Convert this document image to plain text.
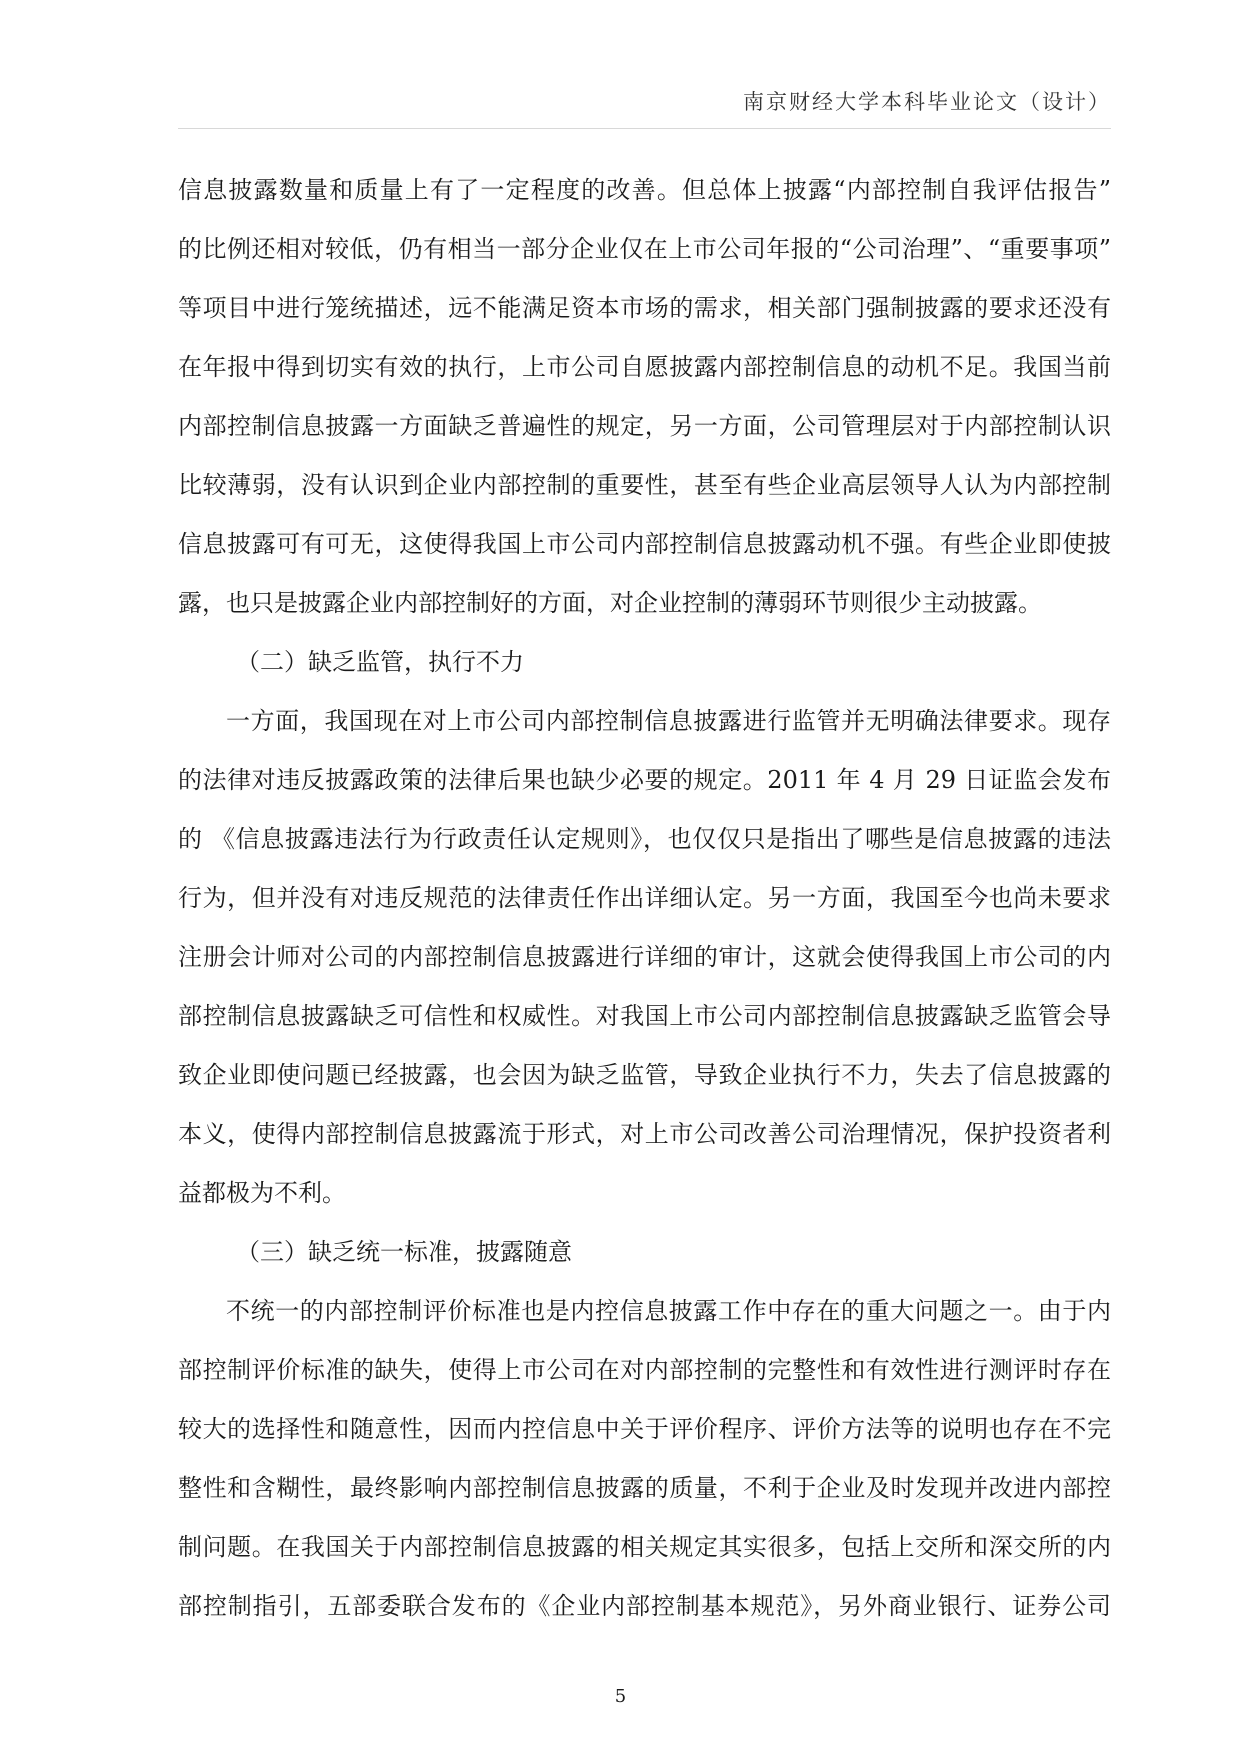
南京财经大学本科毕业论文（设计）
信息披露数量和质量上有了一定程度的改善。但总体上披露“内部控制自我评估报告”
的比例还相对较低，仍有相当一部分企业仅在上市公司年报的“公司治理”、“重要事项”
等项目中进行笼统描述，远不能满足资本市场的需求，相关部门强制披露的要求还没有
在年报中得到切实有效的执行，上市公司自愿披露内部控制信息的动机不足。我国当前
内部控制信息披露一方面缺乏普遍性的规定，另一方面，公司管理层对于内部控制认识
比较薄弱，没有认识到企业内部控制的重要性，甚至有些企业高层领导人认为内部控制
信息披露可有可无，这使得我国上市公司内部控制信息披露动机不强。有些企业即使披
露，也只是披露企业内部控制好的方面，对企业控制的薄弱环节则很少主动披露。
（二）缺乏监管，执行不力
一方面，我国现在对上市公司内部控制信息披露进行监管并无明确法律要求。现存
的法律对违反披露政策的法律后果也缺少必要的规定。2011 年 4 月 29 日证监会发布
的 《信息披露违法行为行政责任认定规则》，也仅仅只是指出了哪些是信息披露的违法
行为，但并没有对违反规范的法律责任作出详细认定。另一方面，我国至今也尚未要求
注册会计师对公司的内部控制信息披露进行详细的审计，这就会使得我国上市公司的内
部控制信息披露缺乏可信性和权威性。对我国上市公司内部控制信息披露缺乏监管会导
致企业即使问题已经披露，也会因为缺乏监管，导致企业执行不力，失去了信息披露的
本义，使得内部控制信息披露流于形式，对上市公司改善公司治理情况，保护投资者利
益都极为不利。
（三）缺乏统一标准，披露随意
不统一的内部控制评价标准也是内控信息披露工作中存在的重大问题之一。由于内
部控制评价标准的缺失，使得上市公司在对内部控制的完整性和有效性进行测评时存在
较大的选择性和随意性，因而内控信息中关于评价程序、评价方法等的说明也存在不完
整性和含糊性，最终影响内部控制信息披露的质量，不利于企业及时发现并改进内部控
制问题。在我国关于内部控制信息披露的相关规定其实很多，包括上交所和深交所的内
部控制指引，五部委联合发布的《企业内部控制基本规范》，另外商业银行、证券公司
5
